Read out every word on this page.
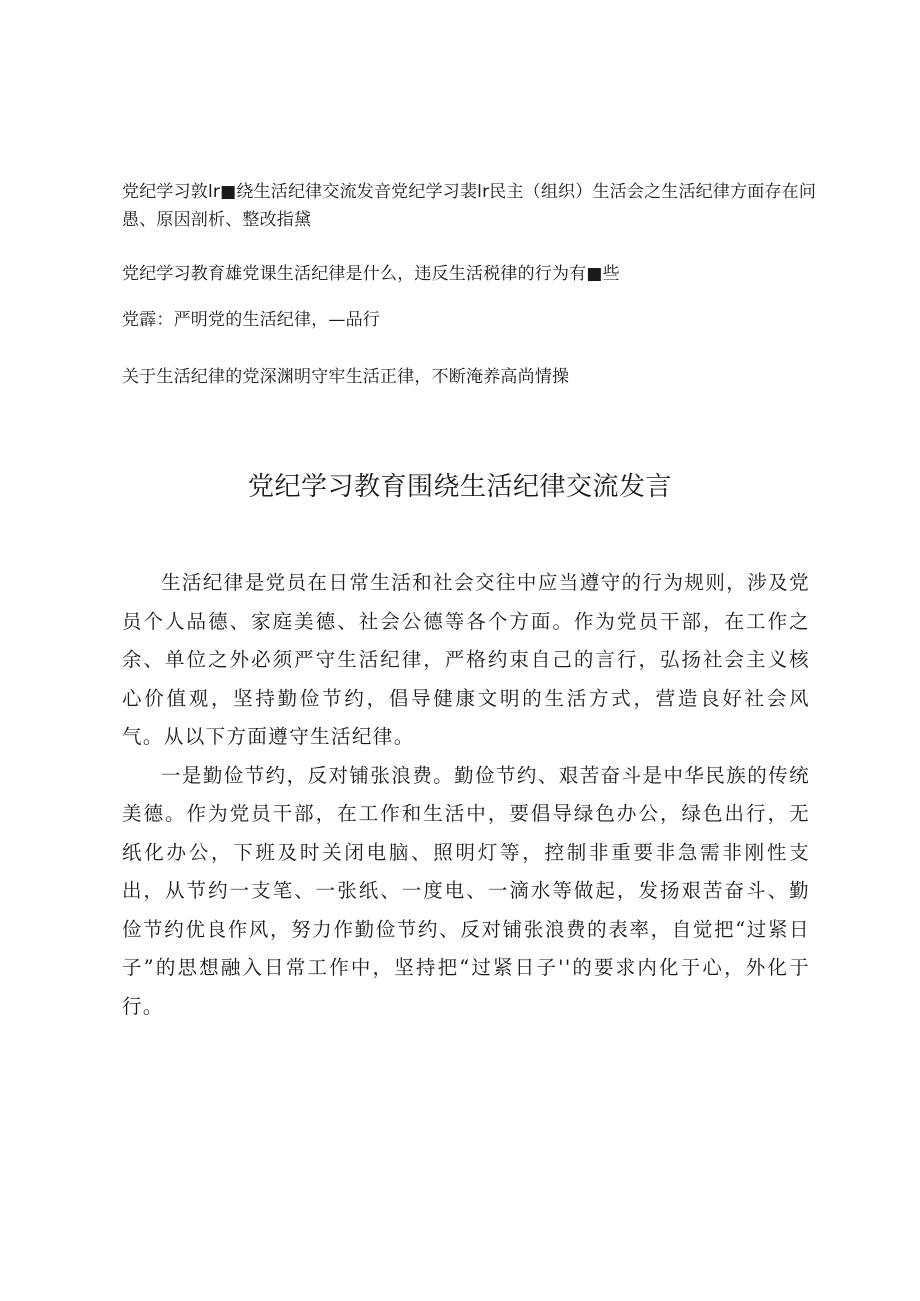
党纪学习敦lr■绕生活纪律交流发音党纪学习裴lr民主（组织）生活会之生活纪律方面存在问愚、原因剖析、整改指黛
党纪学习教育雄党课生活纪律是什么，违反生活税律的行为有■些
党霹：严明党的生活纪律，—品行
关于生活纪律的党深渊明守牢生活正律，不断淹养高尚情操
党纪学习教育围绕生活纪律交流发言

生活纪律是党员在日常生活和社会交往中应当遵守的行为规则，涉及党员个人品德、家庭美德、社会公德等各个方面。作为党员干部，在工作之余、单位之外必须严守生活纪律，严格约束自己的言行，弘扬社会主义核心价值观，坚持勤俭节约，倡导健康文明的生活方式，营造良好社会风气。从以下方面遵守生活纪律。

一是勤俭节约，反对铺张浪费。勤俭节约、艰苦奋斗是中华民族的传统美德。作为党员干部，在工作和生活中，要倡导绿色办公，绿色出行，无纸化办公，下班及时关闭电脑、照明灯等，控制非重要非急需非刚性支出，从节约一支笔、一张纸、一度电、一滴水等做起，发扬艰苦奋斗、勤俭节约优良作风，努力作勤俭节约、反对铺张浪费的表率，自觉把“过紧日子”的思想融入日常工作中，坚持把“过紧日子''的要求内化于心，外化于行。
